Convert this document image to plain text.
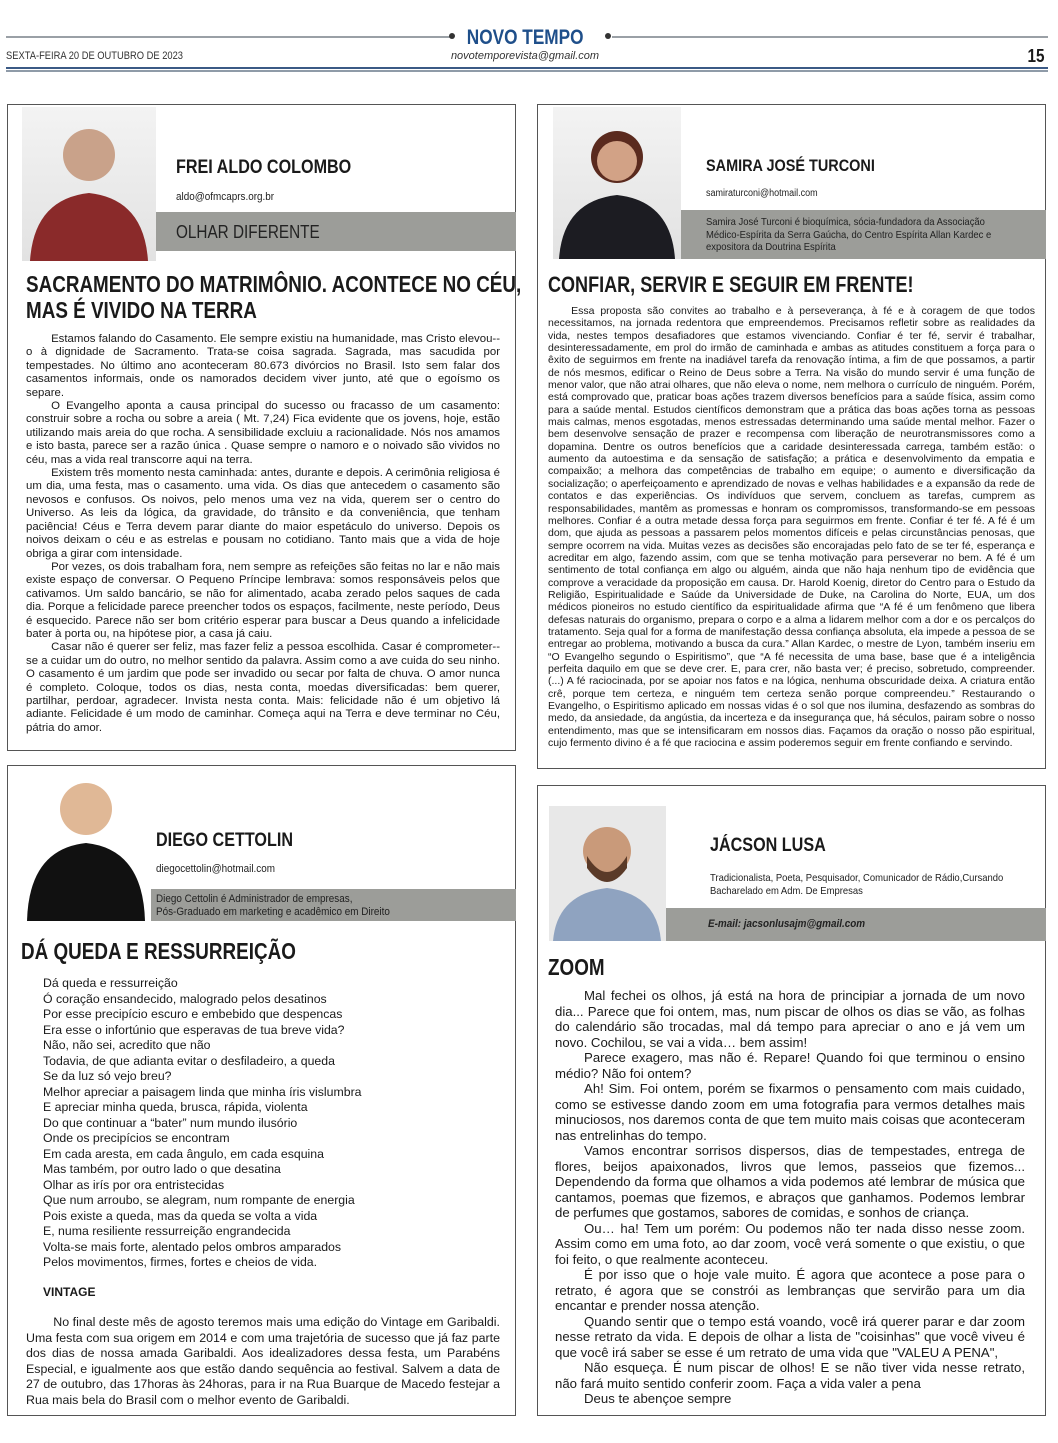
NOVO TEMPO
SEXTA-FEIRA 20 DE OUTUBRO DE 2023	novotemporevista@gmail.com	15
FREI ALDO COLOMBO
aldo@ofmcaprs.org.br
OLHAR DIFERENTE
SACRAMENTO DO MATRIMÔNIO. ACONTECE NO CÉU,
MAS É VIVIDO NA TERRA

Estamos falando do Casamento. Ele sempre existiu na humanidade, mas Cristo elevou--o à dignidade de Sacramento. Trata-se coisa sagrada. Sagrada, mas sacudida por tempestades. No último ano aconteceram 80.673 divórcios no Brasil. Isto sem falar dos casamentos informais, onde os namorados decidem viver junto, até que o egoísmo os separe.

O Evangelho aponta a causa principal do sucesso ou fracasso de um casamento: construir sobre a rocha ou sobre a areia ( Mt. 7,24) Fica evidente que os jovens, hoje, estão utilizando mais areia do que rocha. A sensibilidade excluiu a racionalidade. Nós nos amamos e isto basta, parece ser a razão única . Quase sempre o namoro e o noivado são vividos no céu, mas a vida real transcorre aqui na terra.

Existem três momento nesta caminhada: antes, durante e depois. A cerimônia religiosa é um dia, uma festa, mas o casamento. uma vida. Os dias que antecedem o casamento são nevosos e confusos. Os noivos, pelo menos uma vez na vida, querem ser o centro do Universo. As leis da lógica, da gravidade, do trânsito e da conveniência, que tenham paciência! Céus e Terra devem parar diante do maior espetáculo do universo. Depois os noivos deixam o céu e as estrelas e pousam no cotidiano. Tanto mais que a vida de hoje obriga a girar com intensidade.

Por vezes, os dois trabalham fora, nem sempre as refeições são feitas no lar e não mais existe espaço de conversar. O Pequeno Príncipe lembrava: somos responsáveis pelos que cativamos. Um saldo bancário, se não for alimentado, acaba zerado pelos saques de cada dia. Porque a felicidade parece preencher todos os espaços, facilmente, neste período, Deus é esquecido. Parece não ser bom critério esperar para buscar a Deus quando a infelicidade bater à porta ou, na hipótese pior, a casa já caiu.

Casar não é querer ser feliz, mas fazer feliz a pessoa escolhida. Casar é comprometer--se a cuidar um do outro, no melhor sentido da palavra. Assim como a ave cuida do seu ninho. O casamento é um jardim que pode ser invadido ou secar por falta de chuva. O amor nunca é completo. Coloque, todos os dias, nesta conta, moedas diversificadas: bem querer, partilhar, perdoar, agradecer. Invista nesta conta. Mais: felicidade não é um objetivo lá adiante. Felicidade é um modo de caminhar. Começa aqui na Terra e deve terminar no Céu, pátria do amor.

SAMIRA JOSÉ TURCONI
samiraturconi@hotmail.com
Samira José Turconi é bioquímica, sócia-fundadora da Associação
Médico-Espírita da Serra Gaúcha, do Centro Espírita Allan Kardec e
expositora da Doutrina Espírita
CONFIAR, SERVIR E SEGUIR EM FRENTE!

Essa proposta são convites ao trabalho e à perseverança, à fé e à coragem de que todos necessitamos, na jornada redentora que empreendemos. Precisamos refletir sobre as realidades da vida, nestes tempos desafiadores que estamos vivenciando. Confiar é ter fé, servir é trabalhar, desinteressadamente, em prol do irmão de caminhada e ambas as atitudes constituem a força para o êxito de seguirmos em frente na inadiável tarefa da renovação íntima, a fim de que possamos, a partir de nós mesmos, edificar o Reino de Deus sobre a Terra. Na visão do mundo servir é uma função de menor valor, que não atrai olhares, que não eleva o nome, nem melhora o currículo de ninguém. Porém, está comprovado que, praticar boas ações trazem diversos benefícios para a saúde física, assim como para a saúde mental. Estudos científicos demonstram que a prática das boas ações torna as pessoas mais calmas, menos esgotadas, menos estressadas determinando uma saúde mental melhor. Fazer o bem desenvolve sensação de prazer e recompensa com liberação de neurotransmissores como a dopamina. Dentre os outros benefícios que a caridade desinteressada carrega, também estão: o aumento da autoestima e da sensação de satisfação; a prática e desenvolvimento da empatia e compaixão; a melhora das competências de trabalho em equipe; o aumento e diversificação da socialização; o aperfeiçoamento e aprendizado de novas e velhas habilidades e a expansão da rede de contatos e das experiências. Os indivíduos que servem, concluem as tarefas, cumprem as responsabilidades, mantêm as promessas e honram os compromissos, transformando-se em pessoas melhores. Confiar é a outra metade dessa força para seguirmos em frente. Confiar é ter fé. A fé é um dom, que ajuda as pessoas a passarem pelos momentos difíceis e pelas circunstâncias penosas, que sempre ocorrem na vida. Muitas vezes as decisões são encorajadas pelo fato de se ter fé, esperança e acreditar em algo, fazendo assim, com que se tenha motivação para perseverar no bem. A fé é um sentimento de total confiança em algo ou alguém, ainda que não haja nenhum tipo de evidência que comprove a veracidade da proposição em causa. Dr. Harold Koenig, diretor do Centro para o Estudo da Religião, Espiritualidade e Saúde da Universidade de Duke, na Carolina do Norte, EUA, um dos médicos pioneiros no estudo científico da espiritualidade afirma que “A fé é um fenômeno que libera defesas naturais do organismo, prepara o corpo e a alma a lidarem melhor com a dor e os percalços do tratamento. Seja qual for a forma de manifestação dessa confiança absoluta, ela impede a pessoa de se entregar ao problema, motivando a busca da cura.” Allan Kardec, o mestre de Lyon, também inseriu em “O Evangelho segundo o Espiritismo”, que “A fé necessita de uma base, base que é a inteligência perfeita daquilo em que se deve crer. E, para crer, não basta ver; é preciso, sobretudo, compreender. (...) A fé raciocinada, por se apoiar nos fatos e na lógica, nenhuma obscuridade deixa. A criatura então crê, porque tem certeza, e ninguém tem certeza senão porque compreendeu.” Restaurando o Evangelho, o Espiritismo aplicado em nossas vidas é o sol que nos ilumina, desfazendo as sombras do medo, da ansiedade, da angústia, da incerteza e da insegurança que, há séculos, pairam sobre o nosso entendimento, mas que se intensificaram em nossos dias. Façamos da oração o nosso pão espiritual, cujo fermento divino é a fé que raciocina e assim poderemos seguir em frente confiando e servindo.

DIEGO CETTOLIN
diegocettolin@hotmail.com
Diego Cettolin é Administrador de empresas,
Pós-Graduado em marketing e acadêmico em Direito
DÁ QUEDA E RESSURREIÇÃO
Dá queda e ressurreição
Ó coração ensandecido, malogrado pelos desatinos
Por esse precipício escuro e embebido que despencas
Era esse o infortúnio que esperavas de tua breve vida?
Não, não sei, acredito que não
Todavia, de que adianta evitar o desfiladeiro, a queda
Se da luz só vejo breu?
Melhor apreciar a paisagem linda que minha íris vislumbra
E apreciar minha queda, brusca, rápida, violenta
Do que continuar a “bater” num mundo ilusório
Onde os precipícios se encontram
Em cada aresta, em cada ângulo, em cada esquina
Mas também, por outro lado o que desatina
Olhar as irís por ora entristecidas
Que num arroubo, se alegram, num rompante de energia
Pois existe a queda, mas da queda se volta a vida
E, numa resiliente ressurreição engrandecida
Volta-se mais forte, alentado pelos ombros amparados
Pelos movimentos, firmes, fortes e cheios de vida.
VINTAGE

No final deste mês de agosto teremos mais uma edição do Vintage em Garibaldi. Uma festa com sua origem em 2014 e com uma trajetória de sucesso que já faz parte dos dias de nossa amada Garibaldi. Aos idealizadores dessa festa, um Parabéns Especial, e igualmente aos que estão dando sequência ao festival. Salvem a data de 27 de outubro, das 17horas às 24horas, para ir na Rua Buarque de Macedo festejar a Rua mais bela do Brasil com o melhor evento de Garibaldi.

JÁCSON LUSA
Tradicionalista, Poeta, Pesquisador, Comunicador de Rádio,Cursando
Bacharelado em Adm. De Empresas
E-mail: jacsonlusajm@gmail.com
ZOOM

Mal fechei os olhos, já está na hora de principiar a jornada de um novo dia... Parece que foi ontem, mas, num piscar de olhos os dias se vão, as folhas do calendário são trocadas, mal dá tempo para apreciar o ano e já vem um novo. Cochilou, se vai a vida… bem assim!

Parece exagero, mas não é. Repare! Quando foi que terminou o ensino médio? Não foi ontem?

Ah! Sim. Foi ontem, porém se fixarmos o pensamento com mais cuidado, como se estivesse dando zoom em uma fotografia para vermos detalhes mais minuciosos, nos daremos conta de que tem muito mais coisas que aconteceram nas entrelinhas do tempo.

Vamos encontrar sorrisos dispersos, dias de tempestades, entrega de flores, beijos apaixonados, livros que lemos, passeios que fizemos... Dependendo da forma que olhamos a vida podemos até lembrar de música que cantamos, poemas que fizemos, e abraços que ganhamos. Podemos lembrar de perfumes que gostamos, sabores de comidas, e sonhos de criança.

Ou… ha! Tem um porém: Ou podemos não ter nada disso nesse zoom. Assim como em uma foto, ao dar zoom, você verá somente o que existiu, o que foi feito, o que realmente aconteceu.

É por isso que o hoje vale muito. É agora que acontece a pose para o retrato, é agora que se constrói as lembranças que servirão para um dia encantar e prender nossa atenção.

Quando sentir que o tempo está voando, você irá querer parar e dar zoom nesse retrato da vida. E depois de olhar a lista de "coisinhas" que você viveu é que você irá saber se esse é um retrato de uma vida que "VALEU A PENA",

Não esqueça. É num piscar de olhos! E se não tiver vida nesse retrato, não fará muito sentido conferir zoom. Faça a vida valer a pena

Deus te abençoe sempre
